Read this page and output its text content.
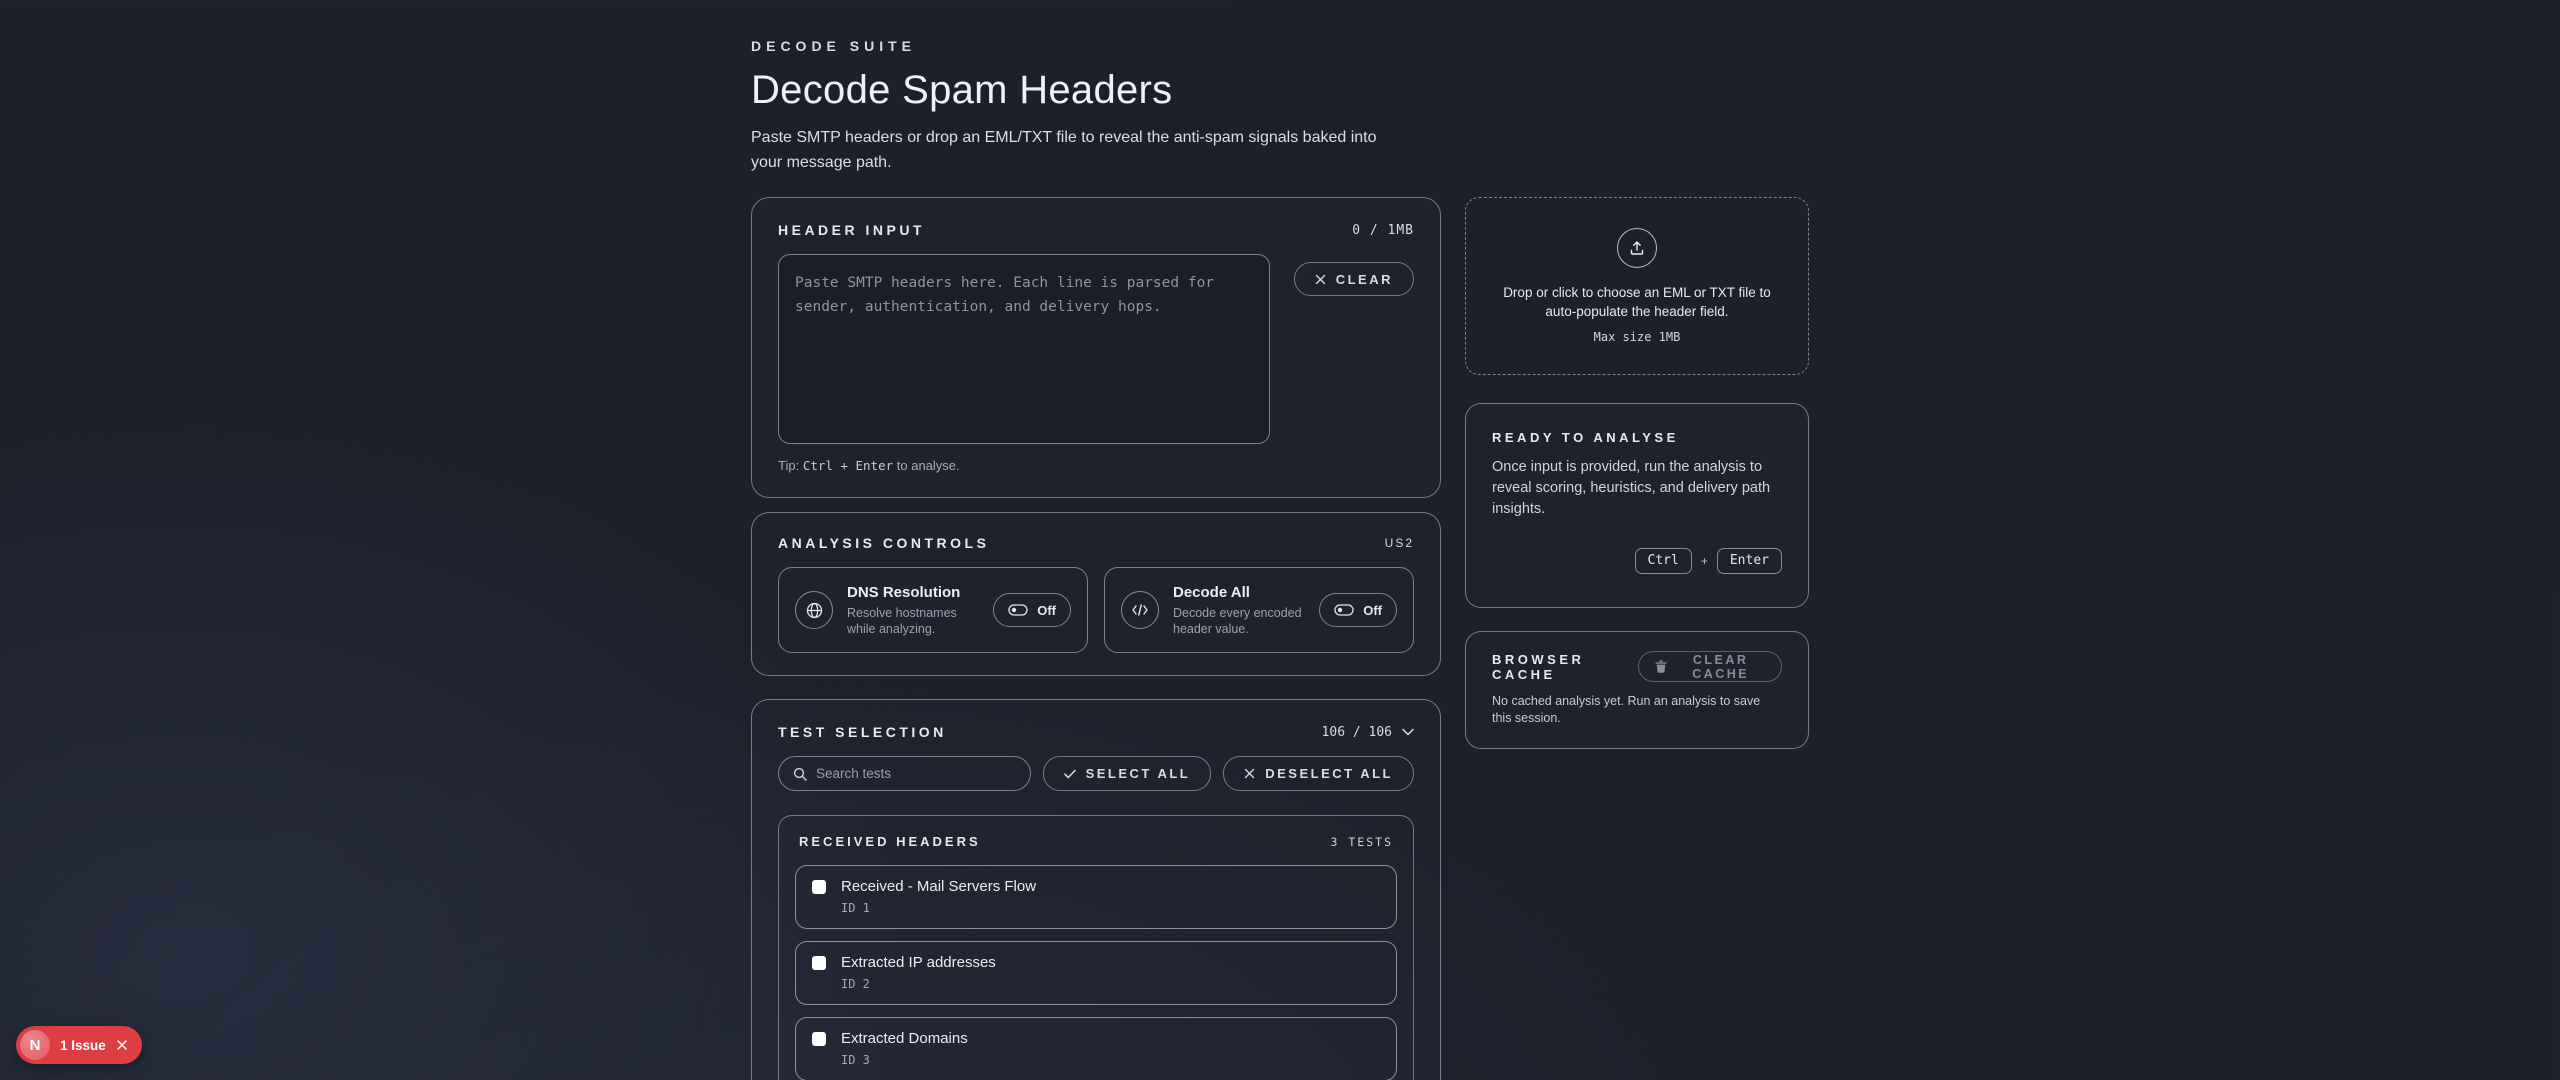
DECODE SUITE
Decode Spam Headers

Paste SMTP headers or drop an EML/TXT file to reveal the anti-spam signals baked into your message path.

HEADER INPUT	0 / 1MB
Paste SMTP headers here. Each line is parsed for sender, authentication, and delivery hops.
CLEAR
Tip: Ctrl + Enter to analyse.
ANALYSIS CONTROLS	US2
DNS Resolution
Resolve hostnames while analyzing.
Off
Decode All
Decode every encoded header value.
Off
TEST SELECTION	106 / 106
Search tests
SELECT ALL	DESELECT ALL
RECEIVED HEADERS	3 TESTS
Received - Mail Servers Flow
ID 1
Extracted IP addresses
ID 2
Extracted Domains
ID 3
Drop or click to choose an EML or TXT file to auto-populate the header field.
Max size 1MB
READY TO ANALYSE
Once input is provided, run the analysis to reveal scoring, heuristics, and delivery path insights.
Ctrl	+	Enter
BROWSER CACHE
CLEAR CACHE
No cached analysis yet. Run an analysis to save this session.
N	1 Issue
